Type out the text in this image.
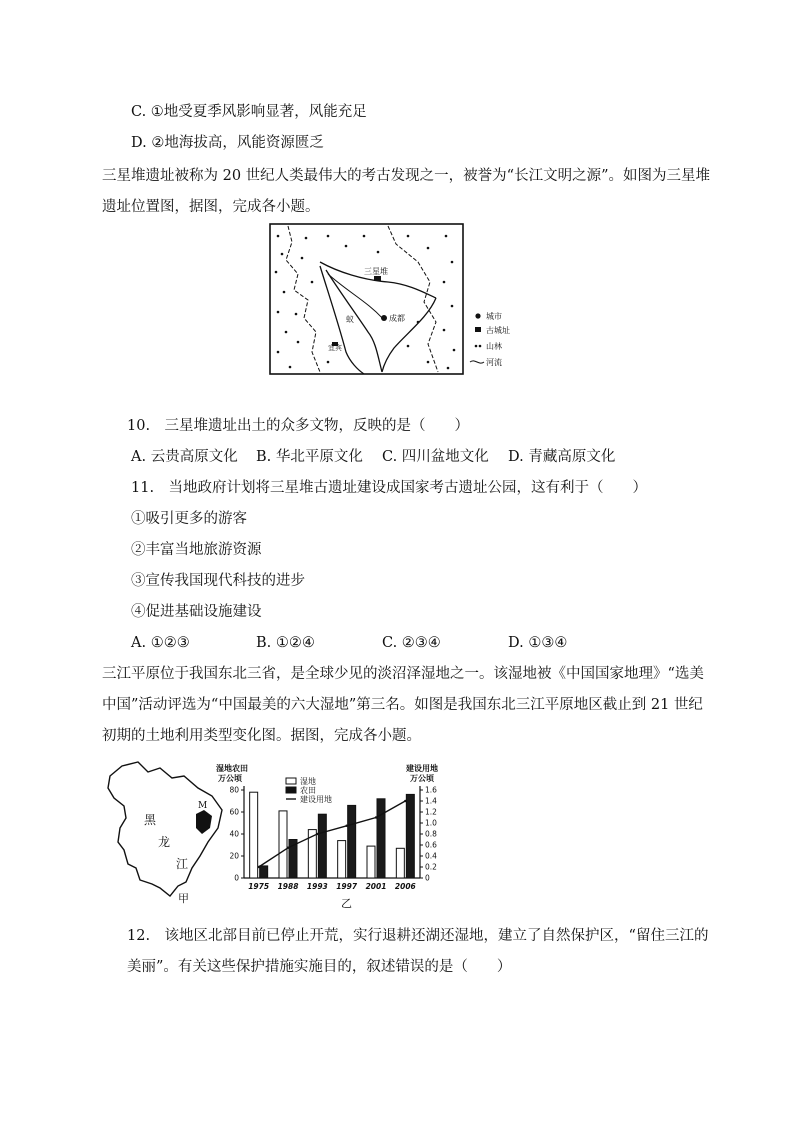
C. ①地受夏季风影响显著，风能充足
D. ②地海拔高，风能资源匮乏
三星堆遗址被称为 20 世纪人类最伟大的考古发现之一，被誉为“长江文明之源”。如图为三星堆
遗址位置图，据图，完成各小题。
三星堆
成都
蚁
宜宾
城市
古城址
山林
河流
10.　三星堆遗址出土的众多文物，反映的是（　　）
A. 云贵高原文化 B. 华北平原文化 C. 四川盆地文化 D. 青藏高原文化
11.　当地政府计划将三星堆古遗址建设成国家考古遗址公园，这有利于（　　）
①吸引更多的游客
②丰富当地旅游资源
③宣传我国现代科技的进步
④促进基础设施建设
A. ①②③	B. ①②④	C. ②③④	D. ①③④
三江平原位于我国东北三省，是全球少见的淡沼泽湿地之一。该湿地被《中国国家地理》“选美
中国”活动评选为“中国最美的六大湿地”第三名。如图是我国东北三江平原地区截止到 21 世纪
初期的土地利用类型变化图。据图，完成各小题。
M
黑
龙
江
甲
湿地农田
万公顷
建设用地
万公顷
乙
0
20
40
60
80
0
0.2
0.4
0.6
0.8
1.0
1.2
1.4
1.6
1975 1988 1993 1997 2001 2006
湿地
农田
建设用地
12.　该地区北部目前已停止开荒，实行退耕还湖还湿地，建立了自然保护区，“留住三江的
美丽”。有关这些保护措施实施目的，叙述错误的是（　　）
